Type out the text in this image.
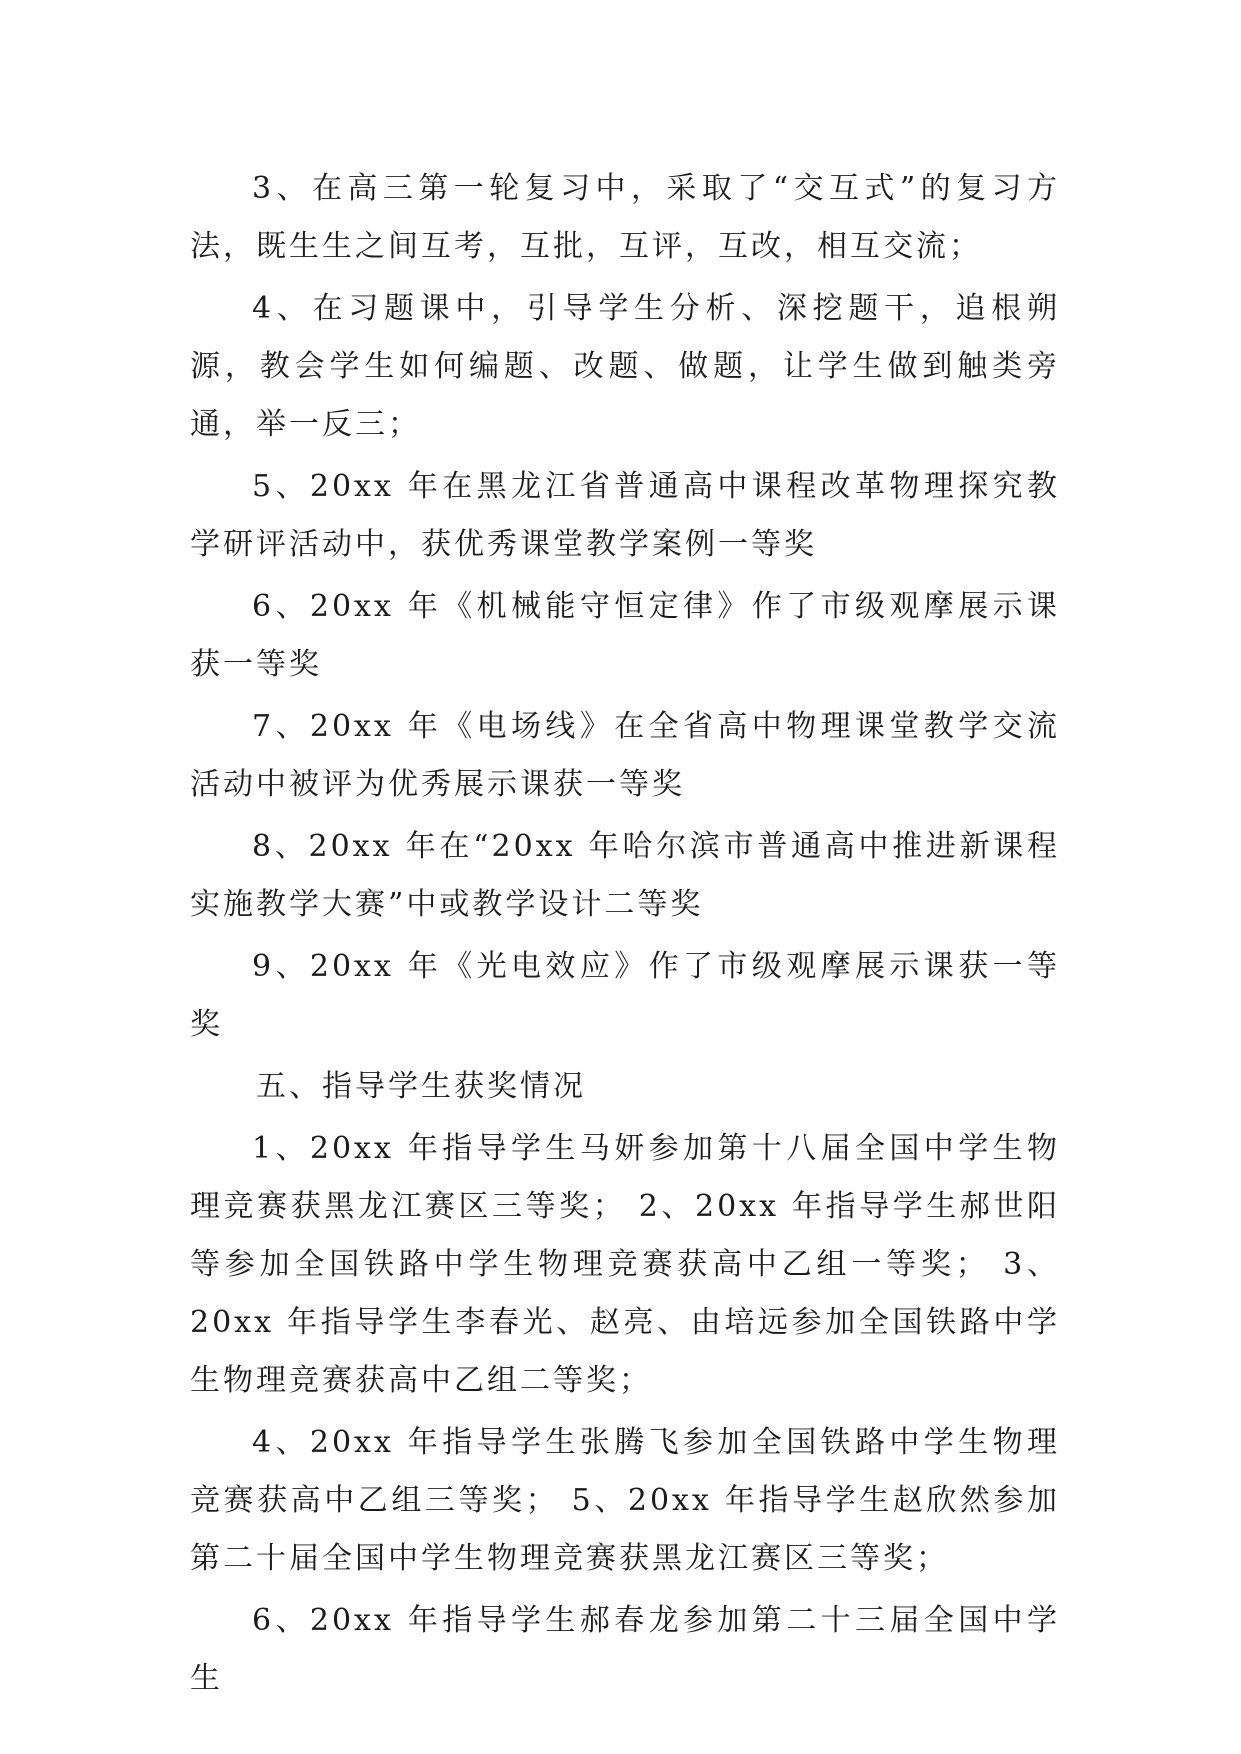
3、在高三第一轮复习中，采取了“交互式”的复习方法，既生生之间互考，互批，互评，互改，相互交流；

4、在习题课中，引导学生分析、深挖题干，追根朔源，教会学生如何编题、改题、做题，让学生做到触类旁通，举一反三；

5、20xx 年在黑龙江省普通高中课程改革物理探究教学研评活动中，获优秀课堂教学案例一等奖

6、20xx 年《机械能守恒定律》作了市级观摩展示课获一等奖

7、20xx 年《电场线》在全省高中物理课堂教学交流活动中被评为优秀展示课获一等奖

8、20xx 年在“20xx 年哈尔滨市普通高中推进新课程实施教学大赛”中或教学设计二等奖

9、20xx 年《光电效应》作了市级观摩展示课获一等奖

五、指导学生获奖情况

1、20xx 年指导学生马妍参加第十八届全国中学生物理竞赛获黑龙江赛区三等奖； 2、20xx 年指导学生郝世阳等参加全国铁路中学生物理竞赛获高中乙组一等奖； 3、20xx 年指导学生李春光、赵亮、由培远参加全国铁路中学生物理竞赛获高中乙组二等奖；

4、20xx 年指导学生张腾飞参加全国铁路中学生物理竞赛获高中乙组三等奖； 5、20xx 年指导学生赵欣然参加第二十届全国中学生物理竞赛获黑龙江赛区三等奖；

6、20xx 年指导学生郝春龙参加第二十三届全国中学生
